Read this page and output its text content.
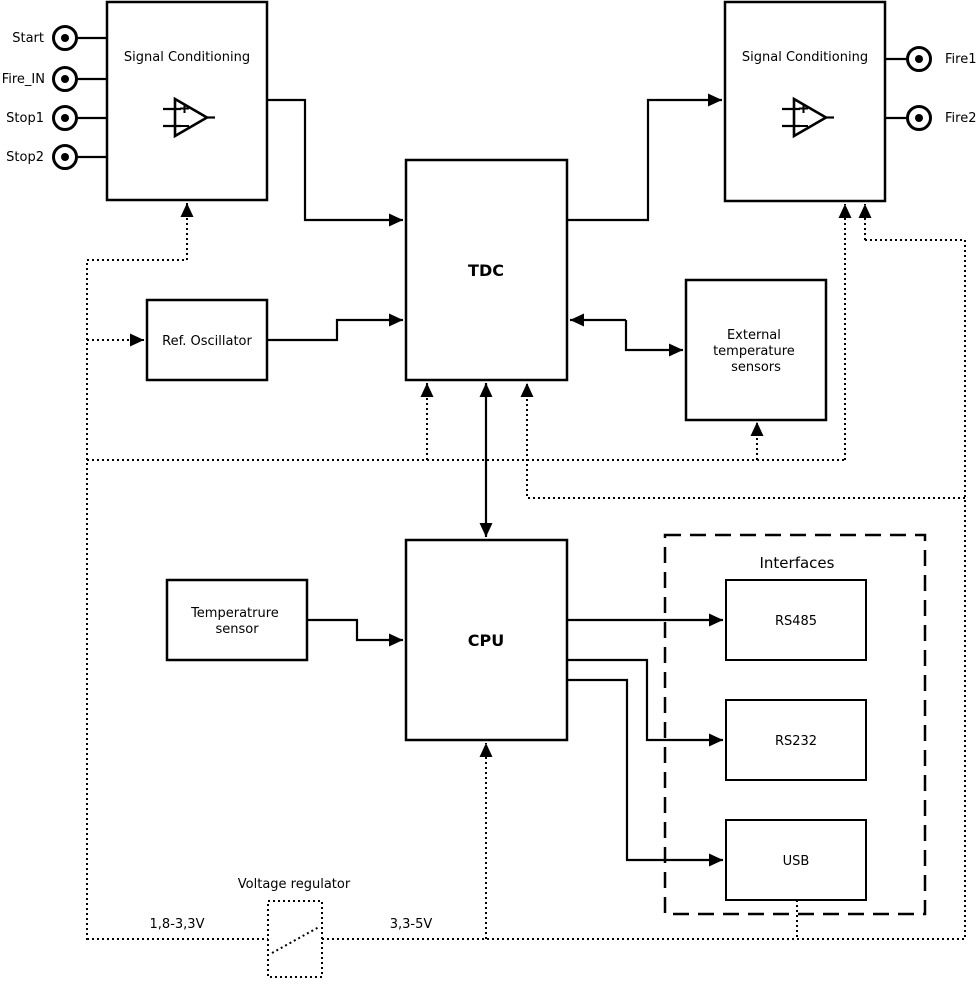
Interfaces
Signal Conditioning	Signal Conditioning
TDC
Ref. Oscillator	External temperature sensors
Temperatrure sensor
CPU
RS485
RS232
USB
Voltage regulator
Start
Fire_IN
Stop1
Stop2
Fire1
Fire2
1,8-3,3V	3,3-5V
